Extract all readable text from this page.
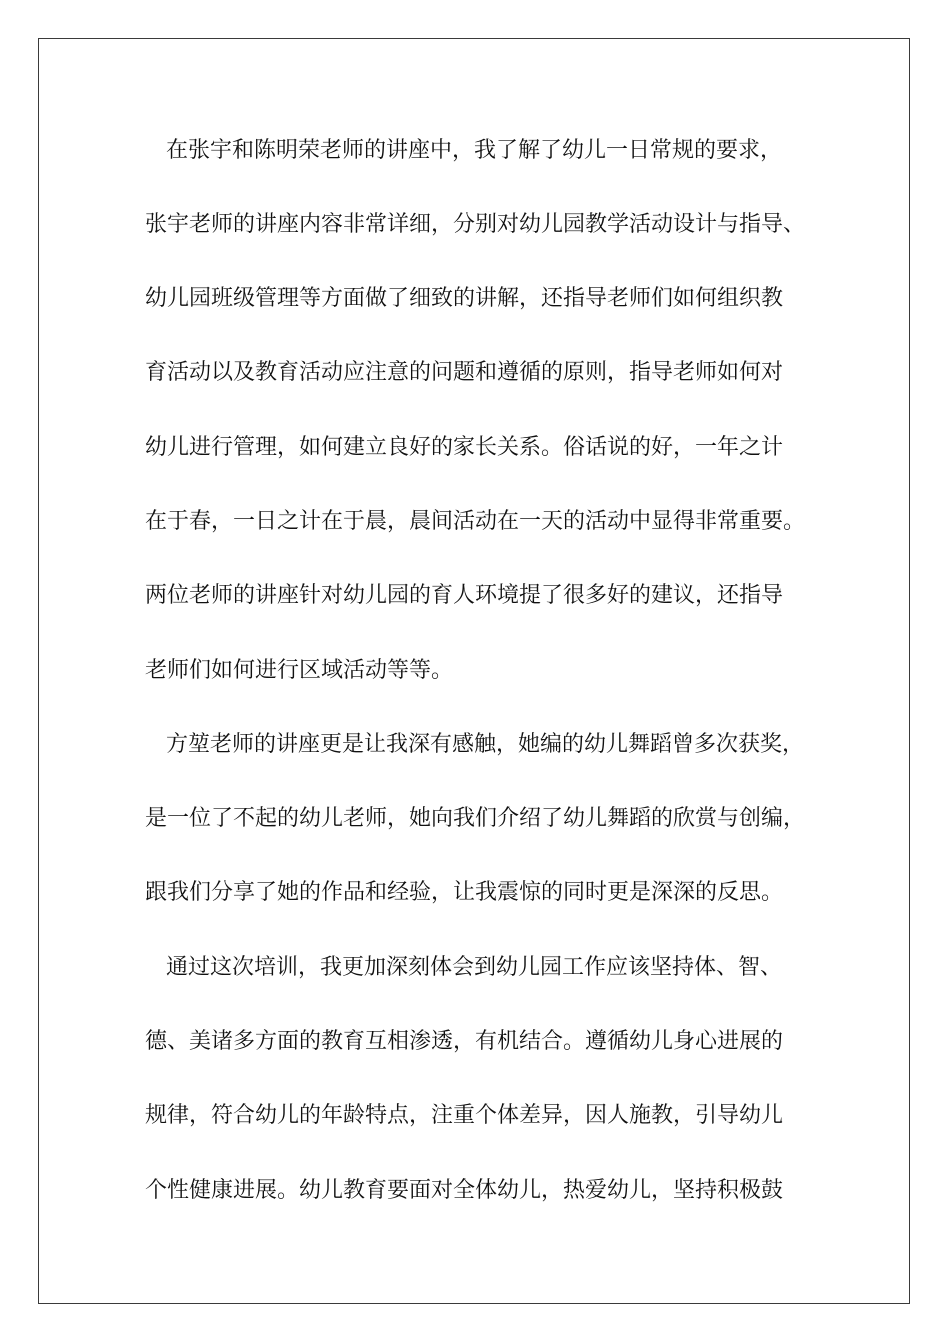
在张宇和陈明荣老师的讲座中，我了解了幼儿一日常规的要求，
张宇老师的讲座内容非常详细，分别对幼儿园教学活动设计与指导、
幼儿园班级管理等方面做了细致的讲解，还指导老师们如何组织教
育活动以及教育活动应注意的问题和遵循的原则，指导老师如何对
幼儿进行管理，如何建立良好的家长关系。俗话说的好，一年之计
在于春，一日之计在于晨，晨间活动在一天的活动中显得非常重要。
两位老师的讲座针对幼儿园的育人环境提了很多好的建议，还指导
老师们如何进行区域活动等等。
方堃老师的讲座更是让我深有感触，她编的幼儿舞蹈曾多次获奖，
是一位了不起的幼儿老师，她向我们介绍了幼儿舞蹈的欣赏与创编，
跟我们分享了她的作品和经验，让我震惊的同时更是深深的反思。
通过这次培训，我更加深刻体会到幼儿园工作应该坚持体、智、
德、美诸多方面的教育互相渗透，有机结合。遵循幼儿身心进展的
规律，符合幼儿的年龄特点，注重个体差异，因人施教，引导幼儿
个性健康进展。幼儿教育要面对全体幼儿，热爱幼儿，坚持积极鼓
